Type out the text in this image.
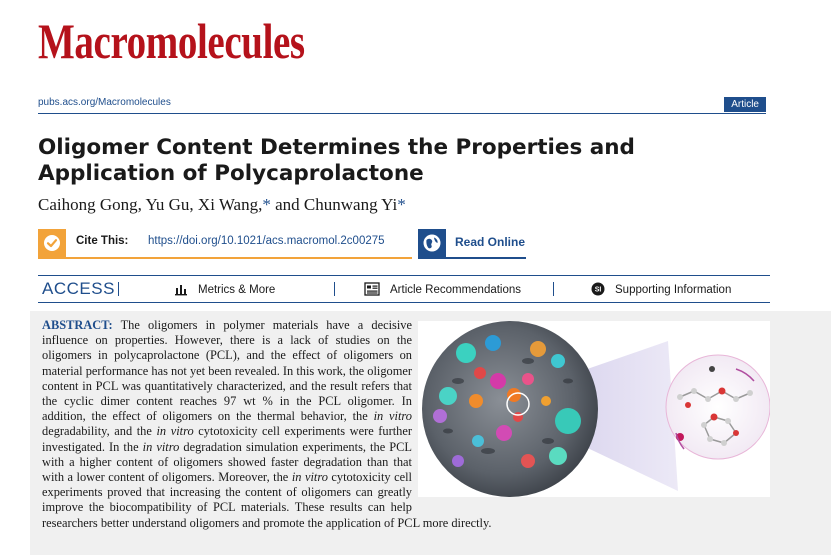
Macromolecules
pubs.acs.org/Macromolecules	Article
Oligomer Content Determines the Properties and Application of Polycaprolactone
Caihong Gong, Yu Gu, Xi Wang,* and Chunwang Yi*
Cite This: https://doi.org/10.1021/acs.macromol.2c00275	Read Online
ACCESS	Metrics & More	Article Recommendations	SI Supporting Information

ABSTRACT: The oligomers in polymer materials have a decisive influence on properties. However, there is a lack of studies on the oligomers in polycaprolactone (PCL), and the effect of oligomers on material performance has not yet been revealed. In this work, the oligomer content in PCL was quantitatively characterized, and the result refers that the cyclic dimer content reaches 97 wt % in the PCL oligomer. In addition, the effect of oligomers on the thermal behavior, the in vitro degradability, and the in vitro cytotoxicity cell experiments were further investigated. In the in vitro degradation simulation experiments, the PCL with a higher content of oligomers showed faster degradation than that with a lower content of oligomers. Moreover, the in vitro cytotoxicity cell experiments proved that increasing the content of oligomers can greatly improve the biocompatibility of PCL materials. These results can help researchers better understand oligomers and promote the application of PCL more directly.
